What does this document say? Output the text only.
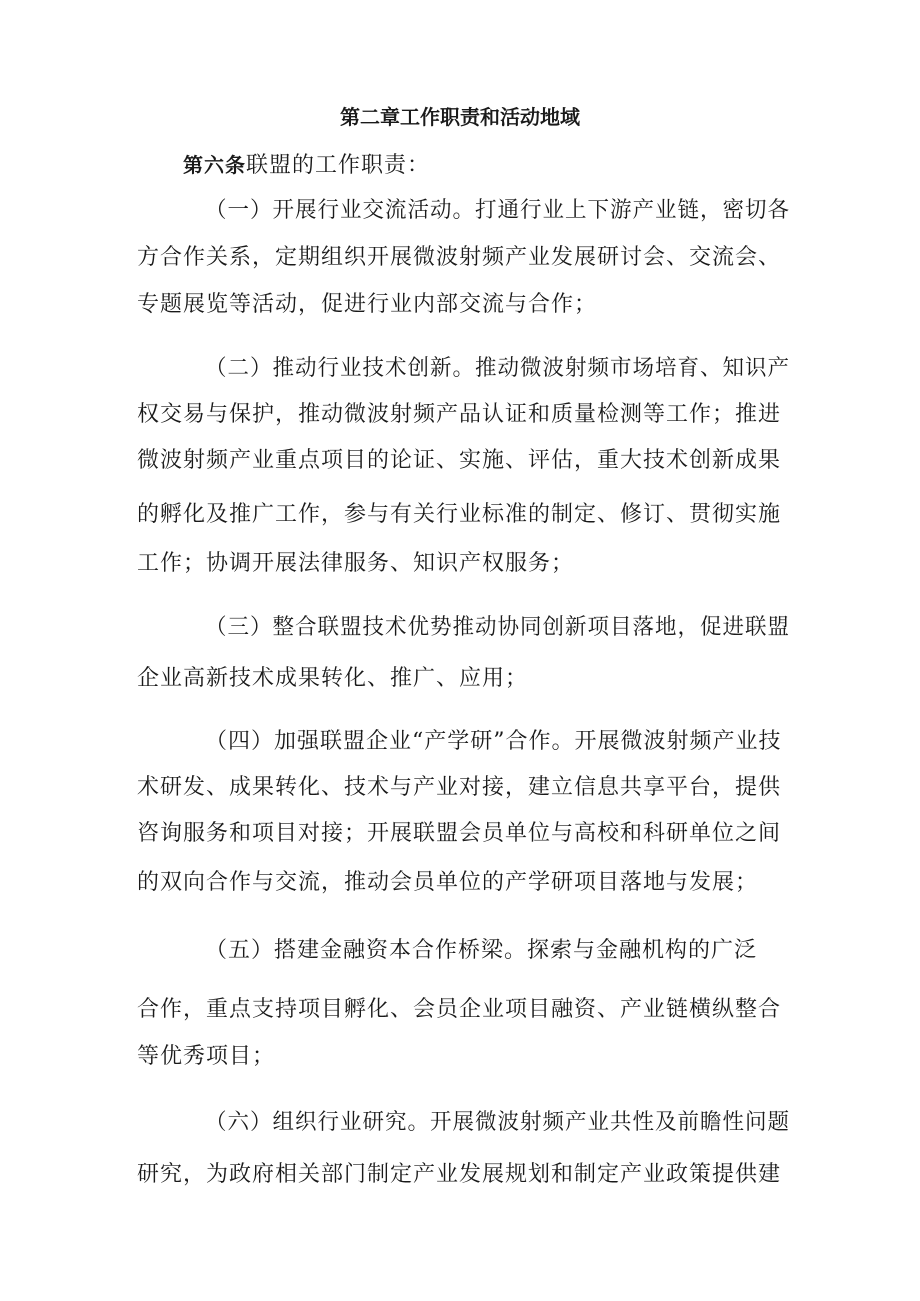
第二章工作职责和活动地域
第六条联盟的工作职责：
（一）开展行业交流活动。打通行业上下游产业链，密切各
方合作关系，定期组织开展微波射频产业发展研讨会、交流会、
专题展览等活动，促进行业内部交流与合作；
（二）推动行业技术创新。推动微波射频市场培育、知识产
权交易与保护，推动微波射频产品认证和质量检测等工作；推进
微波射频产业重点项目的论证、实施、评估，重大技术创新成果
的孵化及推广工作，参与有关行业标准的制定、修订、贯彻实施
工作；协调开展法律服务、知识产权服务；
（三）整合联盟技术优势推动协同创新项目落地，促进联盟
企业高新技术成果转化、推广、应用；
（四）加强联盟企业“产学研”合作。开展微波射频产业技
术研发、成果转化、技术与产业对接，建立信息共享平台，提供
咨询服务和项目对接；开展联盟会员单位与高校和科研单位之间
的双向合作与交流，推动会员单位的产学研项目落地与发展；
（五）搭建金融资本合作桥梁。探索与金融机构的广泛
合作，重点支持项目孵化、会员企业项目融资、产业链横纵整合
等优秀项目；
（六）组织行业研究。开展微波射频产业共性及前瞻性问题
研究，为政府相关部门制定产业发展规划和制定产业政策提供建
